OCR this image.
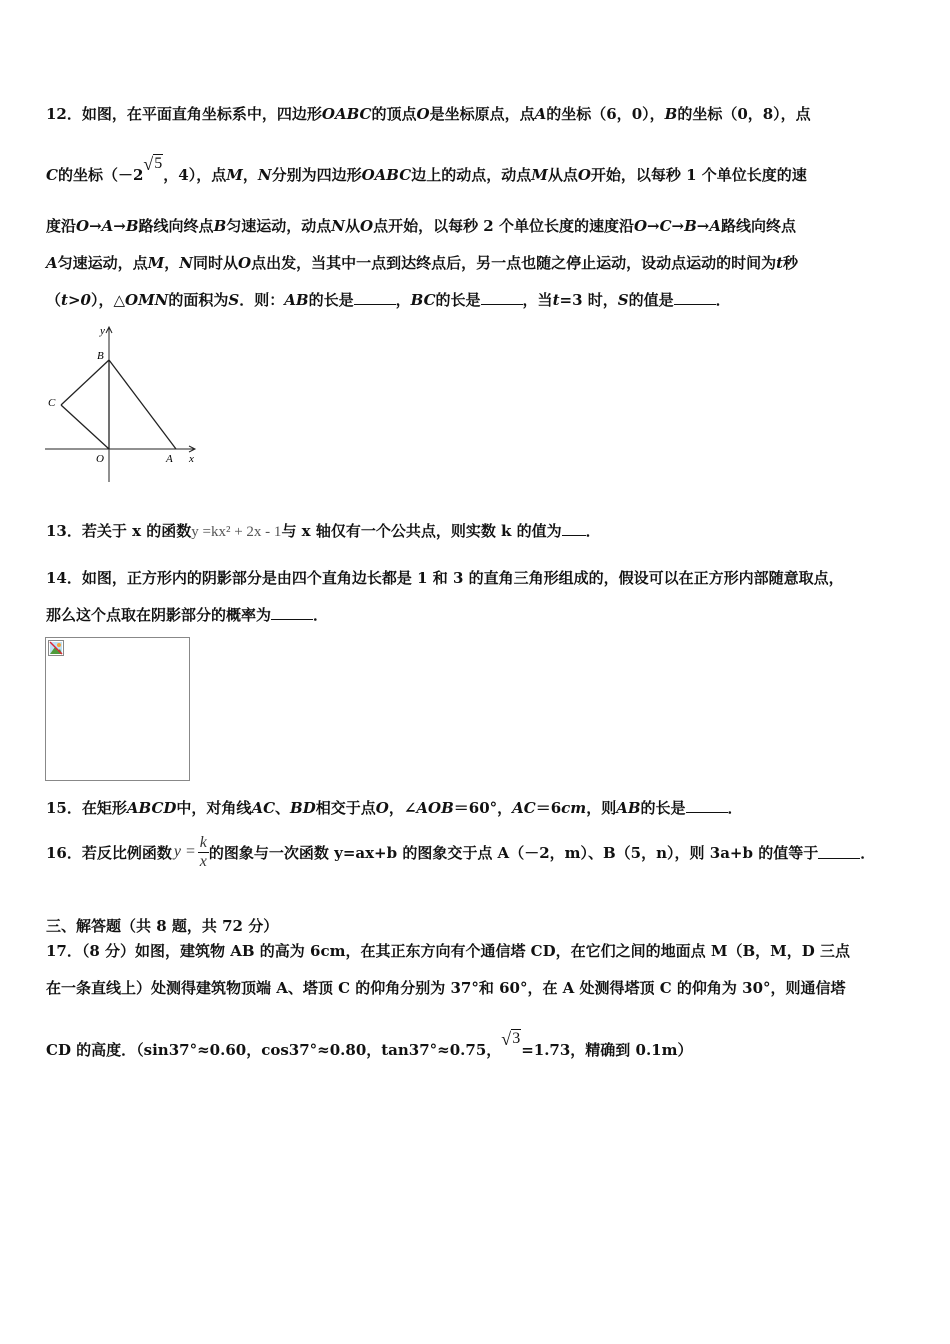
12．如图，在平面直角坐标系中，四边形OABC的顶点O是坐标原点，点A的坐标（6，0），B的坐标（0，8），点
C的坐标（－2√5，4），点M，N分别为四边形OABC边上的动点，动点M从点O开始，以每秒 1 个单位长度的速
度沿O→A→B路线向终点B匀速运动，动点N从O点开始，以每秒 2 个单位长度的速度沿O→C→B→A路线向终点
A匀速运动，点M，N同时从O点出发，当其中一点到达终点后，另一点也随之停止运动，设动点运动的时间为t秒
（t>0），△OMN的面积为S．则：AB的长是	，BC的长是	，当t=3 时，S的值是	．
y
B
C
O	A x
13．若关于 x 的函数y =kx² + 2x - 1与 x 轴仅有一个公共点，则实数 k 的值为 ．
14．如图，正方形内的阴影部分是由四个直角边长都是 1 和 3 的直角三角形组成的，假设可以在正方形内部随意取点，
那么这个点取在阴影部分的概率为	．
15．在矩形ABCD中，对角线AC、BD相交于点O，∠AOB＝60°，AC＝6cm，则AB的长是	．
16．若反比例函数 $y = \frac{k}{x}$ 的图象与一次函数 y=ax+b 的图象交于点 A（－2，m）、B（5，n），则 3a+b 的值等于	．
三、解答题（共 8 题，共 72 分）
17．（8 分）如图，建筑物 AB 的高为 6cm，在其正东方向有个通信塔 CD，在它们之间的地面点 M（B，M，D 三点
在一条直线上）处测得建筑物顶端 A、塔顶 C 的仰角分别为 37°和 60°，在 A 处测得塔顶 C 的仰角为 30°，则通信塔
CD 的高度．（sin37°≈0.60，cos37°≈0.80，tan37°≈0.75，√3=1.73，精确到 0.1m）
